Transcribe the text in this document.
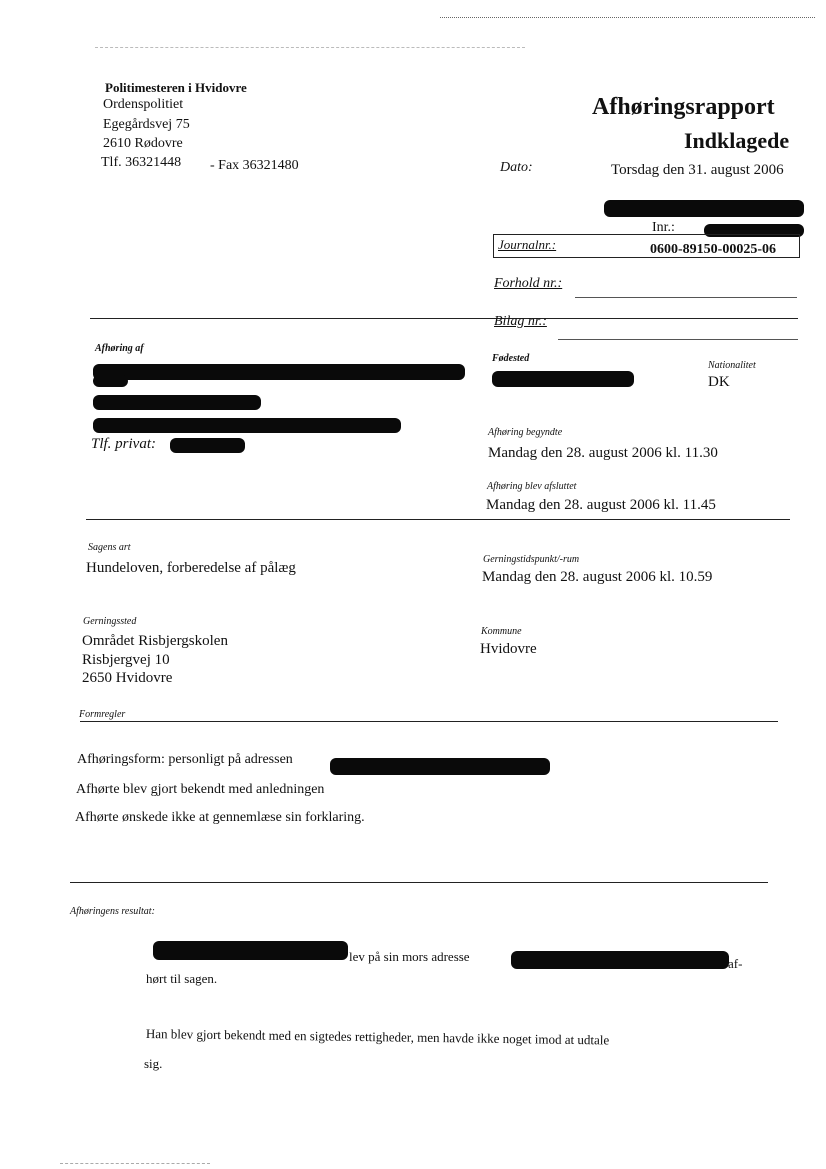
Politimesteren i Hvidovre
Ordenspolitiet
Egegårdsvej 75
2610 Rødovre
Tlf. 36321448 - Fax 36321480
Afhøringsrapport
Indklagede
Dato:	Torsdag den 31. august 2006
Inr.:
Journalnr.:	0600-89150-00025-06
Forhold nr.:
Bilag nr.:
Afhøring af
Tlf. privat:
Fødested
Nationalitet
DK
Afhøring begyndte
Mandag den 28. august 2006 kl. 11.30
Afhøring blev afsluttet
Mandag den 28. august 2006 kl. 11.45
Sagens art
Hundeloven, forberedelse af pålæg
Gerningstidspunkt/-rum
Mandag den 28. august 2006 kl. 10.59
Gerningssted
Området Risbjergskolen
Risbjergvej 10
2650 Hvidovre
Kommune
Hvidovre
Formregler
Afhøringsform: personligt på adressen
Afhørte blev gjort bekendt med anledningen
Afhørte ønskede ikke at gennemlæse sin forklaring.
Afhøringens resultat:
lev på sin mors adresse	af-
hørt til sagen.
Han blev gjort bekendt med en sigtedes rettigheder, men havde ikke noget imod at udtale
sig.
